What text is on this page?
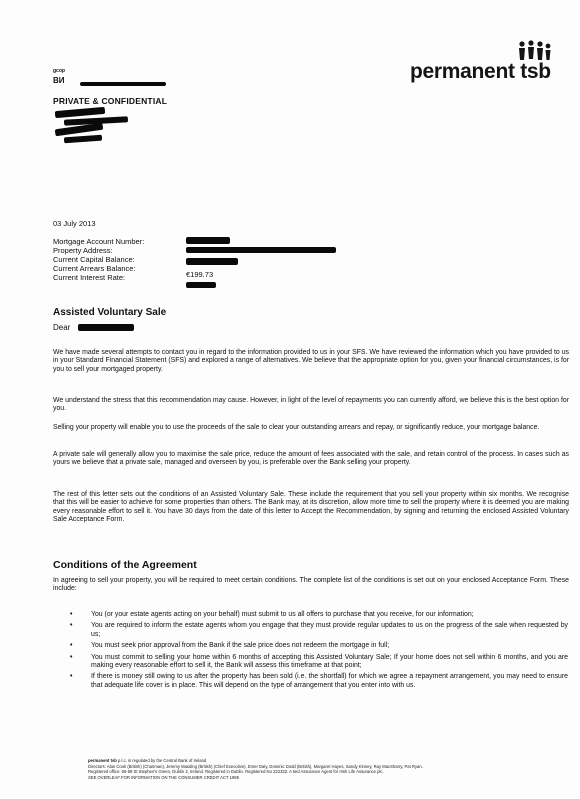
permanent tsb
gcop
ВИ
PRIVATE & CONFIDENTIAL
03 July 2013
Mortgage Account Number:
Property Address:
Current Capital Balance:
Current Arrears Balance:
Current Interest Rate:	€199.73
Assisted Voluntary Sale
Dear
We have made several attempts to contact you in regard to the information provided to us in your SFS. We have reviewed the information which you have provided to us in your Standard Financial Statement (SFS) and explored a range of alternatives. We believe that the appropriate option for you, given your financial circumstances, is for you to sell your mortgaged property.
We understand the stress that this recommendation may cause. However, in light of the level of repayments you can currently afford, we believe this is the best option for you.
Selling your property will enable you to use the proceeds of the sale to clear your outstanding arrears and repay, or significantly reduce, your mortgage balance.
A private sale will generally allow you to maximise the sale price, reduce the amount of fees associated with the sale, and retain control of the process. In cases such as yours we believe that a private sale, managed and overseen by you, is preferable over the Bank selling your property.
The rest of this letter sets out the conditions of an Assisted Voluntary Sale. These include the requirement that you sell your property within six months. We recognise that this will be easier to achieve for some properties than others. The Bank may, at its discretion, allow more time to sell the property where it is deemed you are making every reasonable effort to sell it. You have 30 days from the date of this letter to Accept the Recommendation, by signing and returning the enclosed Assisted Voluntary Sale Acceptance Form.
Conditions of the Agreement
In agreeing to sell your property, you will be required to meet certain conditions. The complete list of the conditions is set out on your enclosed Acceptance Form. These include:
•	You (or your estate agents acting on your behalf) must submit to us all offers to purchase that you receive, for our information;
•	You are required to inform the estate agents whom you engage that they must provide regular updates to us on the progress of the sale when requested by us;
•	You must seek prior approval from the Bank if the sale price does not redeem the mortgage in full;
•	You must commit to selling your home within 6 months of accepting this Assisted Voluntary Sale; If your home does not sell within 6 months, and you are making every reasonable effort to sell it, the Bank will assess this timeframe at that point;
•	If there is money still owing to us after the property has been sold (i.e. the shortfall) for which we agree a repayment arrangement, you may need to ensure that adequate life cover is in place. This will depend on the type of arrangement that you enter into with us.
permanent tsb p.l.c. is regulated by the Central Bank of Ireland
Directors: Alan Cook (British) (Chairman), Jeremy Masding (British) (Chief Executive), Emer Daly, Dominic Dodd (British), Margaret Hayes, Sandy Kinney, Ray MacSharry, Pat Ryan.
Registered office: 56-59 St Stephen's Green, Dublin 2, Ireland. Registered in Dublin. Registered No 222332. A tied Assurance Agent for Irish Life Assurance plc.
SEE OVERLEAF FOR INFORMATION ON THE CONSUMER CREDIT ACT 1995
